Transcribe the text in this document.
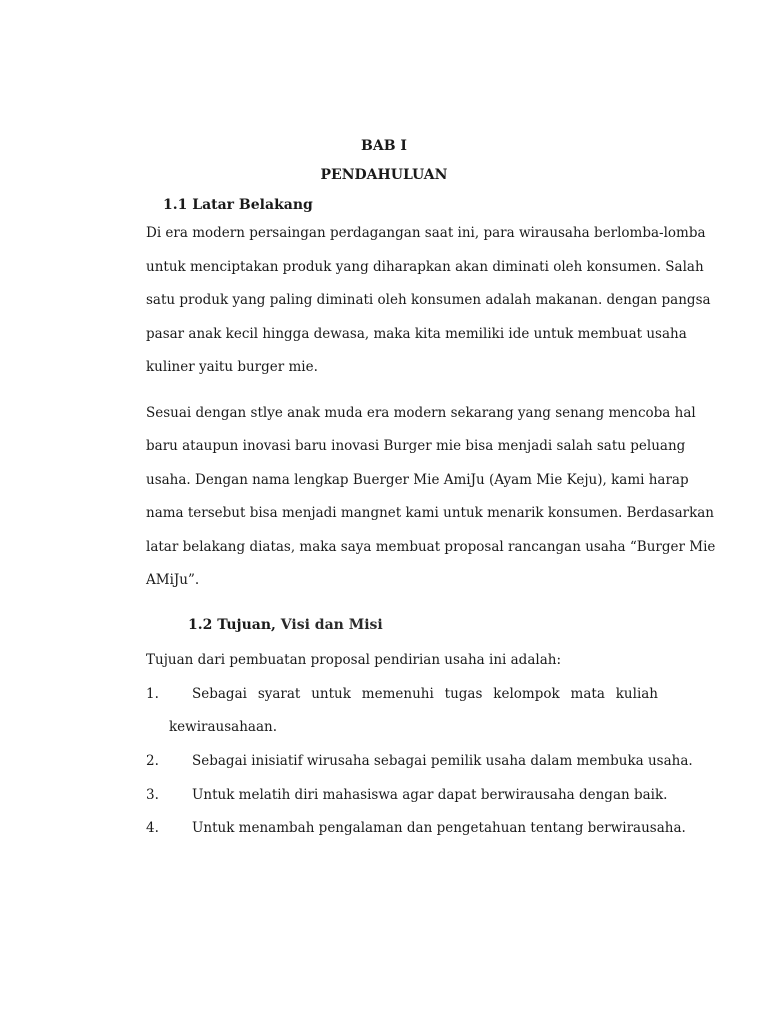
BAB I
PENDAHULUAN
1.1 Latar Belakang
Di era modern persaingan perdagangan saat ini, para wirausaha berlomba-lomba
untuk menciptakan produk yang diharapkan akan diminati oleh konsumen. Salah
satu produk yang paling diminati oleh konsumen adalah makanan. dengan pangsa
pasar anak kecil hingga dewasa, maka kita memiliki ide untuk membuat usaha
kuliner yaitu burger mie.
Sesuai dengan stlye anak muda era modern sekarang yang senang mencoba hal
baru ataupun inovasi baru inovasi Burger mie bisa menjadi salah satu peluang
usaha. Dengan nama lengkap Buerger Mie AmiJu (Ayam Mie Keju), kami harap
nama tersebut bisa menjadi mangnet kami untuk menarik konsumen. Berdasarkan
latar belakang diatas, maka saya membuat proposal rancangan usaha “Burger Mie
AMiJu”.
1.2 Tujuan, Visi dan Misi
Tujuan dari pembuatan proposal pendirian usaha ini adalah:
1. Sebagai syarat untuk memenuhi tugas kelompok mata kuliah
kewirausahaan.
2. Sebagai inisiatif wirusaha sebagai pemilik usaha dalam membuka usaha.
3. Untuk melatih diri mahasiswa agar dapat berwirausaha dengan baik.
4. Untuk menambah pengalaman dan pengetahuan tentang berwirausaha.
